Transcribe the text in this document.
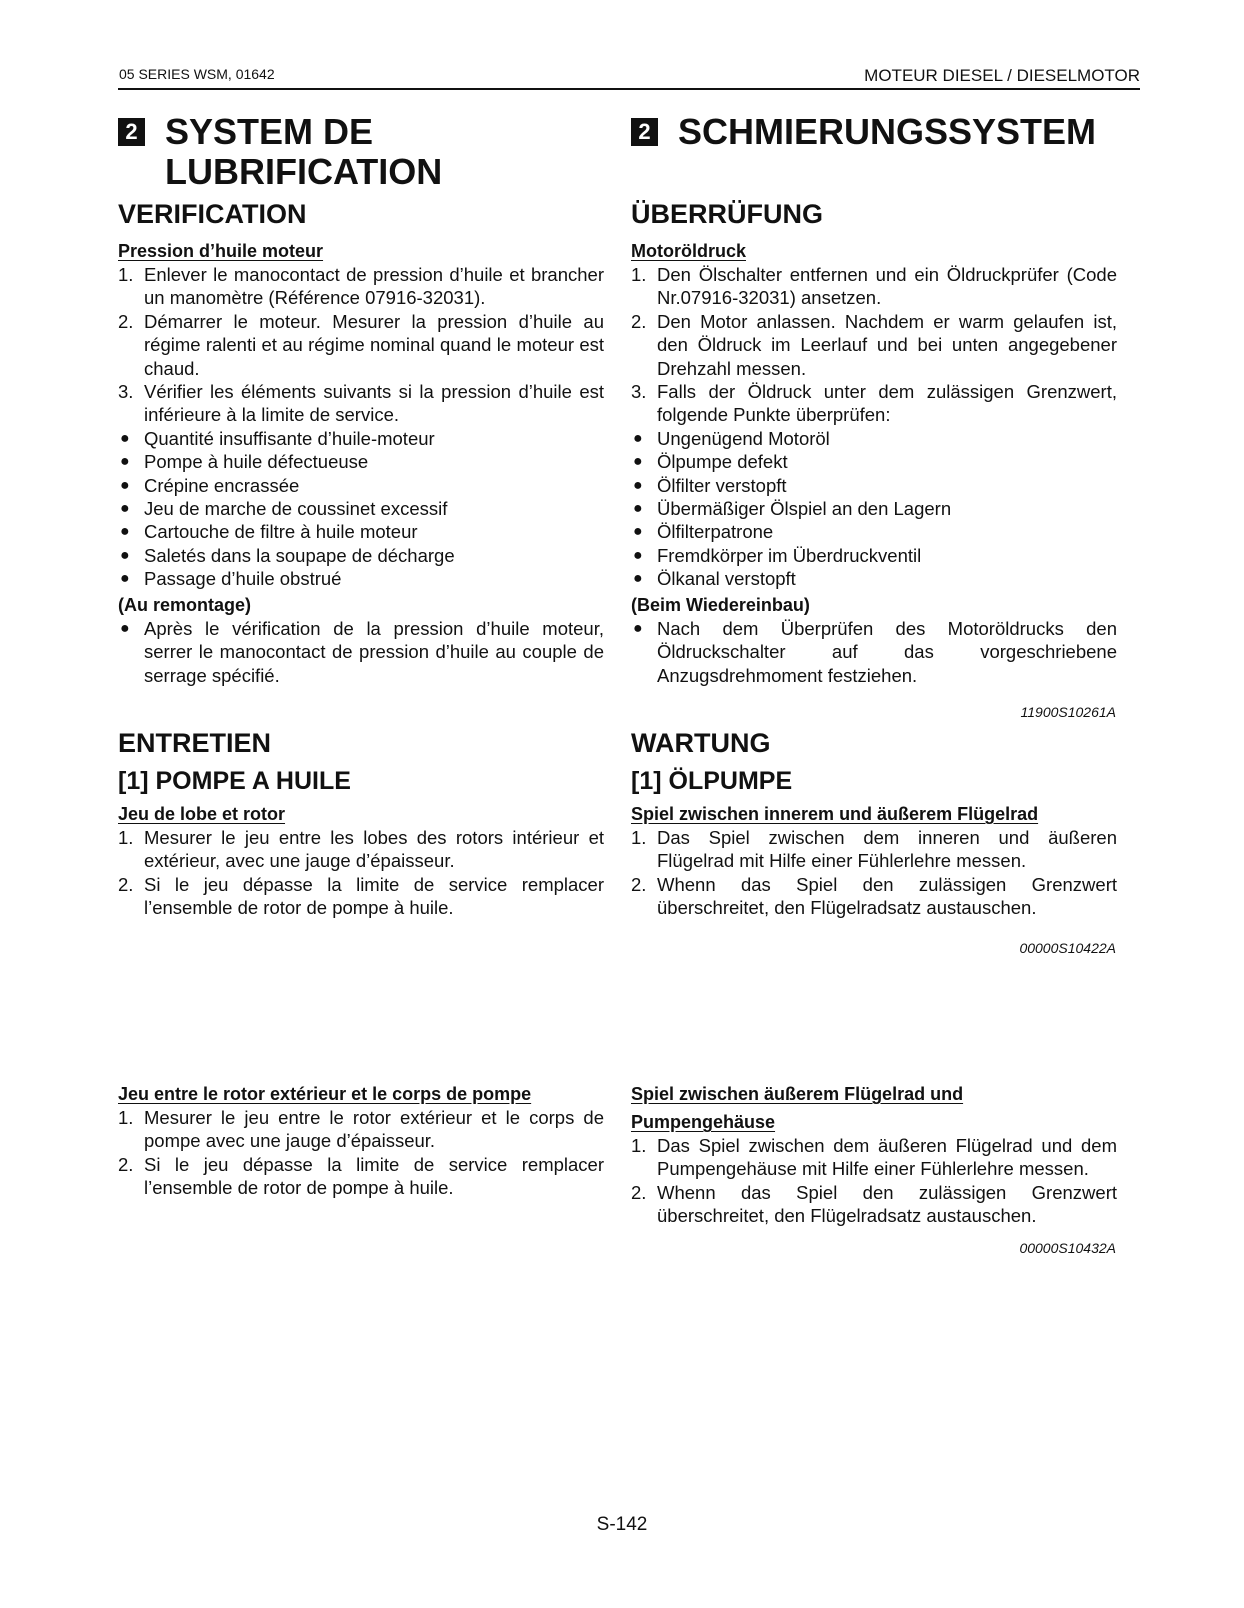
05 SERIES WSM, 01642	MOTEUR DIESEL / DIESELMOTOR
2 SYSTEM DE LUBRIFICATION
VERIFICATION

Pression d’huile moteur

1. Enlever le manocontact de pression d’huile et brancher un manomètre (Référence 07916-32031).
2. Démarrer le moteur. Mesurer la pression d’huile au régime ralenti et au régime nominal quand le moteur est chaud.
3. Vérifier les éléments suivants si la pression d’huile est inférieure à la limite de service.
● Quantité insuffisante d’huile-moteur
● Pompe à huile défectueuse
● Crépine encrassée
● Jeu de marche de coussinet excessif
● Cartouche de filtre à huile moteur
● Saletés dans la soupape de décharge
● Passage d’huile obstrué

(Au remontage)

● Après le vérification de la pression d’huile moteur, serrer le manocontact de pression d’huile au couple de serrage spécifié.
ENTRETIEN
[1] POMPE A HUILE

Jeu de lobe et rotor

1. Mesurer le jeu entre les lobes des rotors intérieur et extérieur, avec une jauge d’épaisseur.
2. Si le jeu dépasse la limite de service remplacer l’ensemble de rotor de pompe à huile.

Jeu entre le rotor extérieur et le corps de pompe

1. Mesurer le jeu entre le rotor extérieur et le corps de pompe avec une jauge d’épaisseur.
2. Si le jeu dépasse la limite de service remplacer l’ensemble de rotor de pompe à huile.
2 SCHMIERUNGSSYSTEM
ÜBERRÜFUNG

Motoröldruck

1. Den Ölschalter entfernen und ein Öldruckprüfer (Code Nr.07916-32031) ansetzen.
2. Den Motor anlassen. Nachdem er warm gelaufen ist, den Öldruck im Leerlauf und bei unten angegebener Drehzahl messen.
3. Falls der Öldruck unter dem zulässigen Grenzwert, folgende Punkte überprüfen:
● Ungenügend Motoröl
● Ölpumpe defekt
● Ölfilter verstopft
● Übermäßiger Ölspiel an den Lagern
● Ölfilterpatrone
● Fremdkörper im Überdruckventil
● Ölkanal verstopft

(Beim Wiedereinbau)

● Nach dem Überprüfen des Motoröldrucks den Öldruckschalter auf das vorgeschriebene Anzugsdrehmoment festziehen.
11900S10261A
WARTUNG
[1] ÖLPUMPE

Spiel zwischen innerem und äußerem Flügelrad

1. Das Spiel zwischen dem inneren und äußeren Flügelrad mit Hilfe einer Fühlerlehre messen.
2. Whenn das Spiel den zulässigen Grenzwert überschreitet, den Flügelradsatz austauschen.
00000S10422A

Spiel zwischen äußerem Flügelrad und

Pumpengehäuse

1. Das Spiel zwischen dem äußeren Flügelrad und dem Pumpengehäuse mit Hilfe einer Fühlerlehre messen.
2. Whenn das Spiel den zulässigen Grenzwert überschreitet, den Flügelradsatz austauschen.
00000S10432A
S-142
